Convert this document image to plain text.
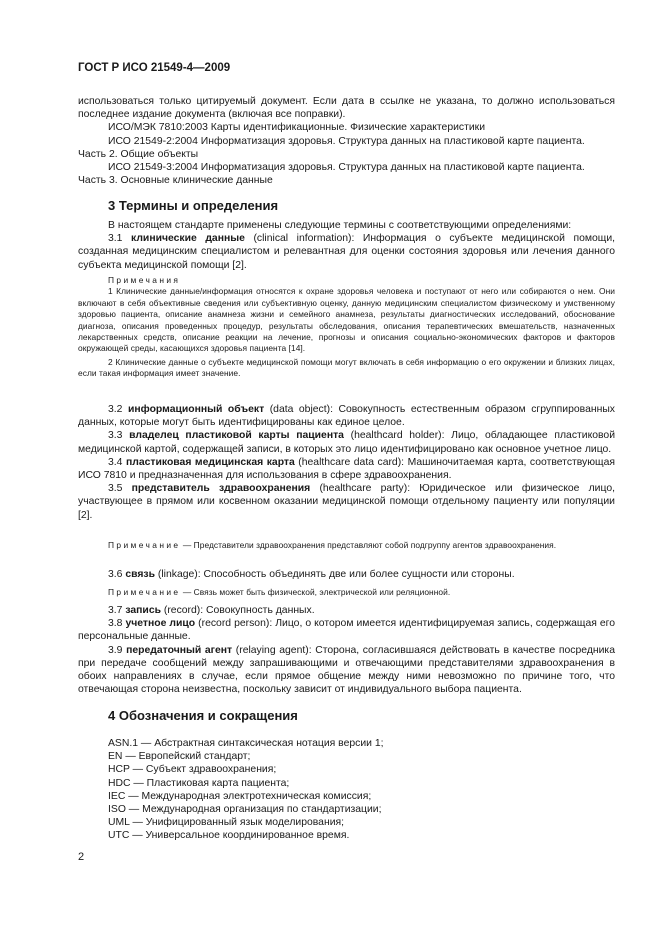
ГОСТ Р ИСО 21549-4—2009

использоваться только цитируемый документ. Если дата в ссылке не указана, то должно использоваться последнее издание документа (включая все поправки).

ИСО/МЭК 7810:2003 Карты идентификационные. Физические характеристики

ИСО 21549-2:2004 Информатизация здоровья. Структура данных на пластиковой карте пациента.

Часть 2. Общие объекты

ИСО 21549-3:2004 Информатизация здоровья. Структура данных на пластиковой карте пациента.

Часть 3. Основные клинические данные

3 Термины и определения

В настоящем стандарте применены следующие термины с соответствующими определениями:

3.1 клинические данные (clinical information): Информация о субъекте медицинской помощи, созданная медицинским специалистом и релевантная для оценки состояния здоровья или лечения данного субъекта медицинской помощи [2].

Примечания

1 Клинические данные/информация относятся к охране здоровья человека и поступают от него или собираются о нем. Они включают в себя объективные сведения или субъективную оценку, данную медицинским специалистом физическому и умственному здоровью пациента, описание анамнеза жизни и семейного анамнеза, результаты диагностических исследований, обоснование диагноза, описания проведенных процедур, результаты обследования, описания терапевтических вмешательств, назначенных лекарственных средств, описание реакции на лечение, прогнозы и описания социально-экономических факторов и факторов окружающей среды, касающихся здоровья пациента [14].

2 Клинические данные о субъекте медицинской помощи могут включать в себя информацию о его окружении и близких лицах, если такая информация имеет значение.

3.2 информационный объект (data object): Совокупность естественным образом сгруппированных данных, которые могут быть идентифицированы как единое целое.

3.3 владелец пластиковой карты пациента (healthcard holder): Лицо, обладающее пластиковой медицинской картой, содержащей записи, в которых это лицо идентифицировано как основное учетное лицо.

3.4 пластиковая медицинская карта (healthcare data card): Машиночитаемая карта, соответствующая ИСО 7810 и предназначенная для использования в сфере здравоохранения.

3.5 представитель здравоохранения (healthcare party): Юридическое или физическое лицо, участвующее в прямом или косвенном оказании медицинской помощи отдельному пациенту или популяции [2].

Примечание — Представители здравоохранения представляют собой подгруппу агентов здравоохранения.

3.6 связь (linkage): Способность объединять две или более сущности или стороны.

Примечание — Связь может быть физической, электрической или реляционной.

3.7 запись (record): Совокупность данных.

3.8 учетное лицо (record person): Лицо, о котором имеется идентифицируемая запись, содержащая его персональные данные.

3.9 передаточный агент (relaying agent): Сторона, согласившаяся действовать в качестве посредника при передаче сообщений между запрашивающими и отвечающими представителями здравоохранения в обоих направлениях в случае, если прямое общение между ними невозможно по причине того, что отвечающая сторона неизвестна, поскольку зависит от индивидуального выбора пациента.

4 Обозначения и сокращения

ASN.1 — Абстрактная синтаксическая нотация версии 1;
EN — Европейский стандарт;
HCP — Субъект здравоохранения;
HDC — Пластиковая карта пациента;
IEC — Международная электротехническая комиссия;
ISO — Международная организация по стандартизации;
UML — Унифицированный язык моделирования;
UTC — Универсальное координированное время.
2
